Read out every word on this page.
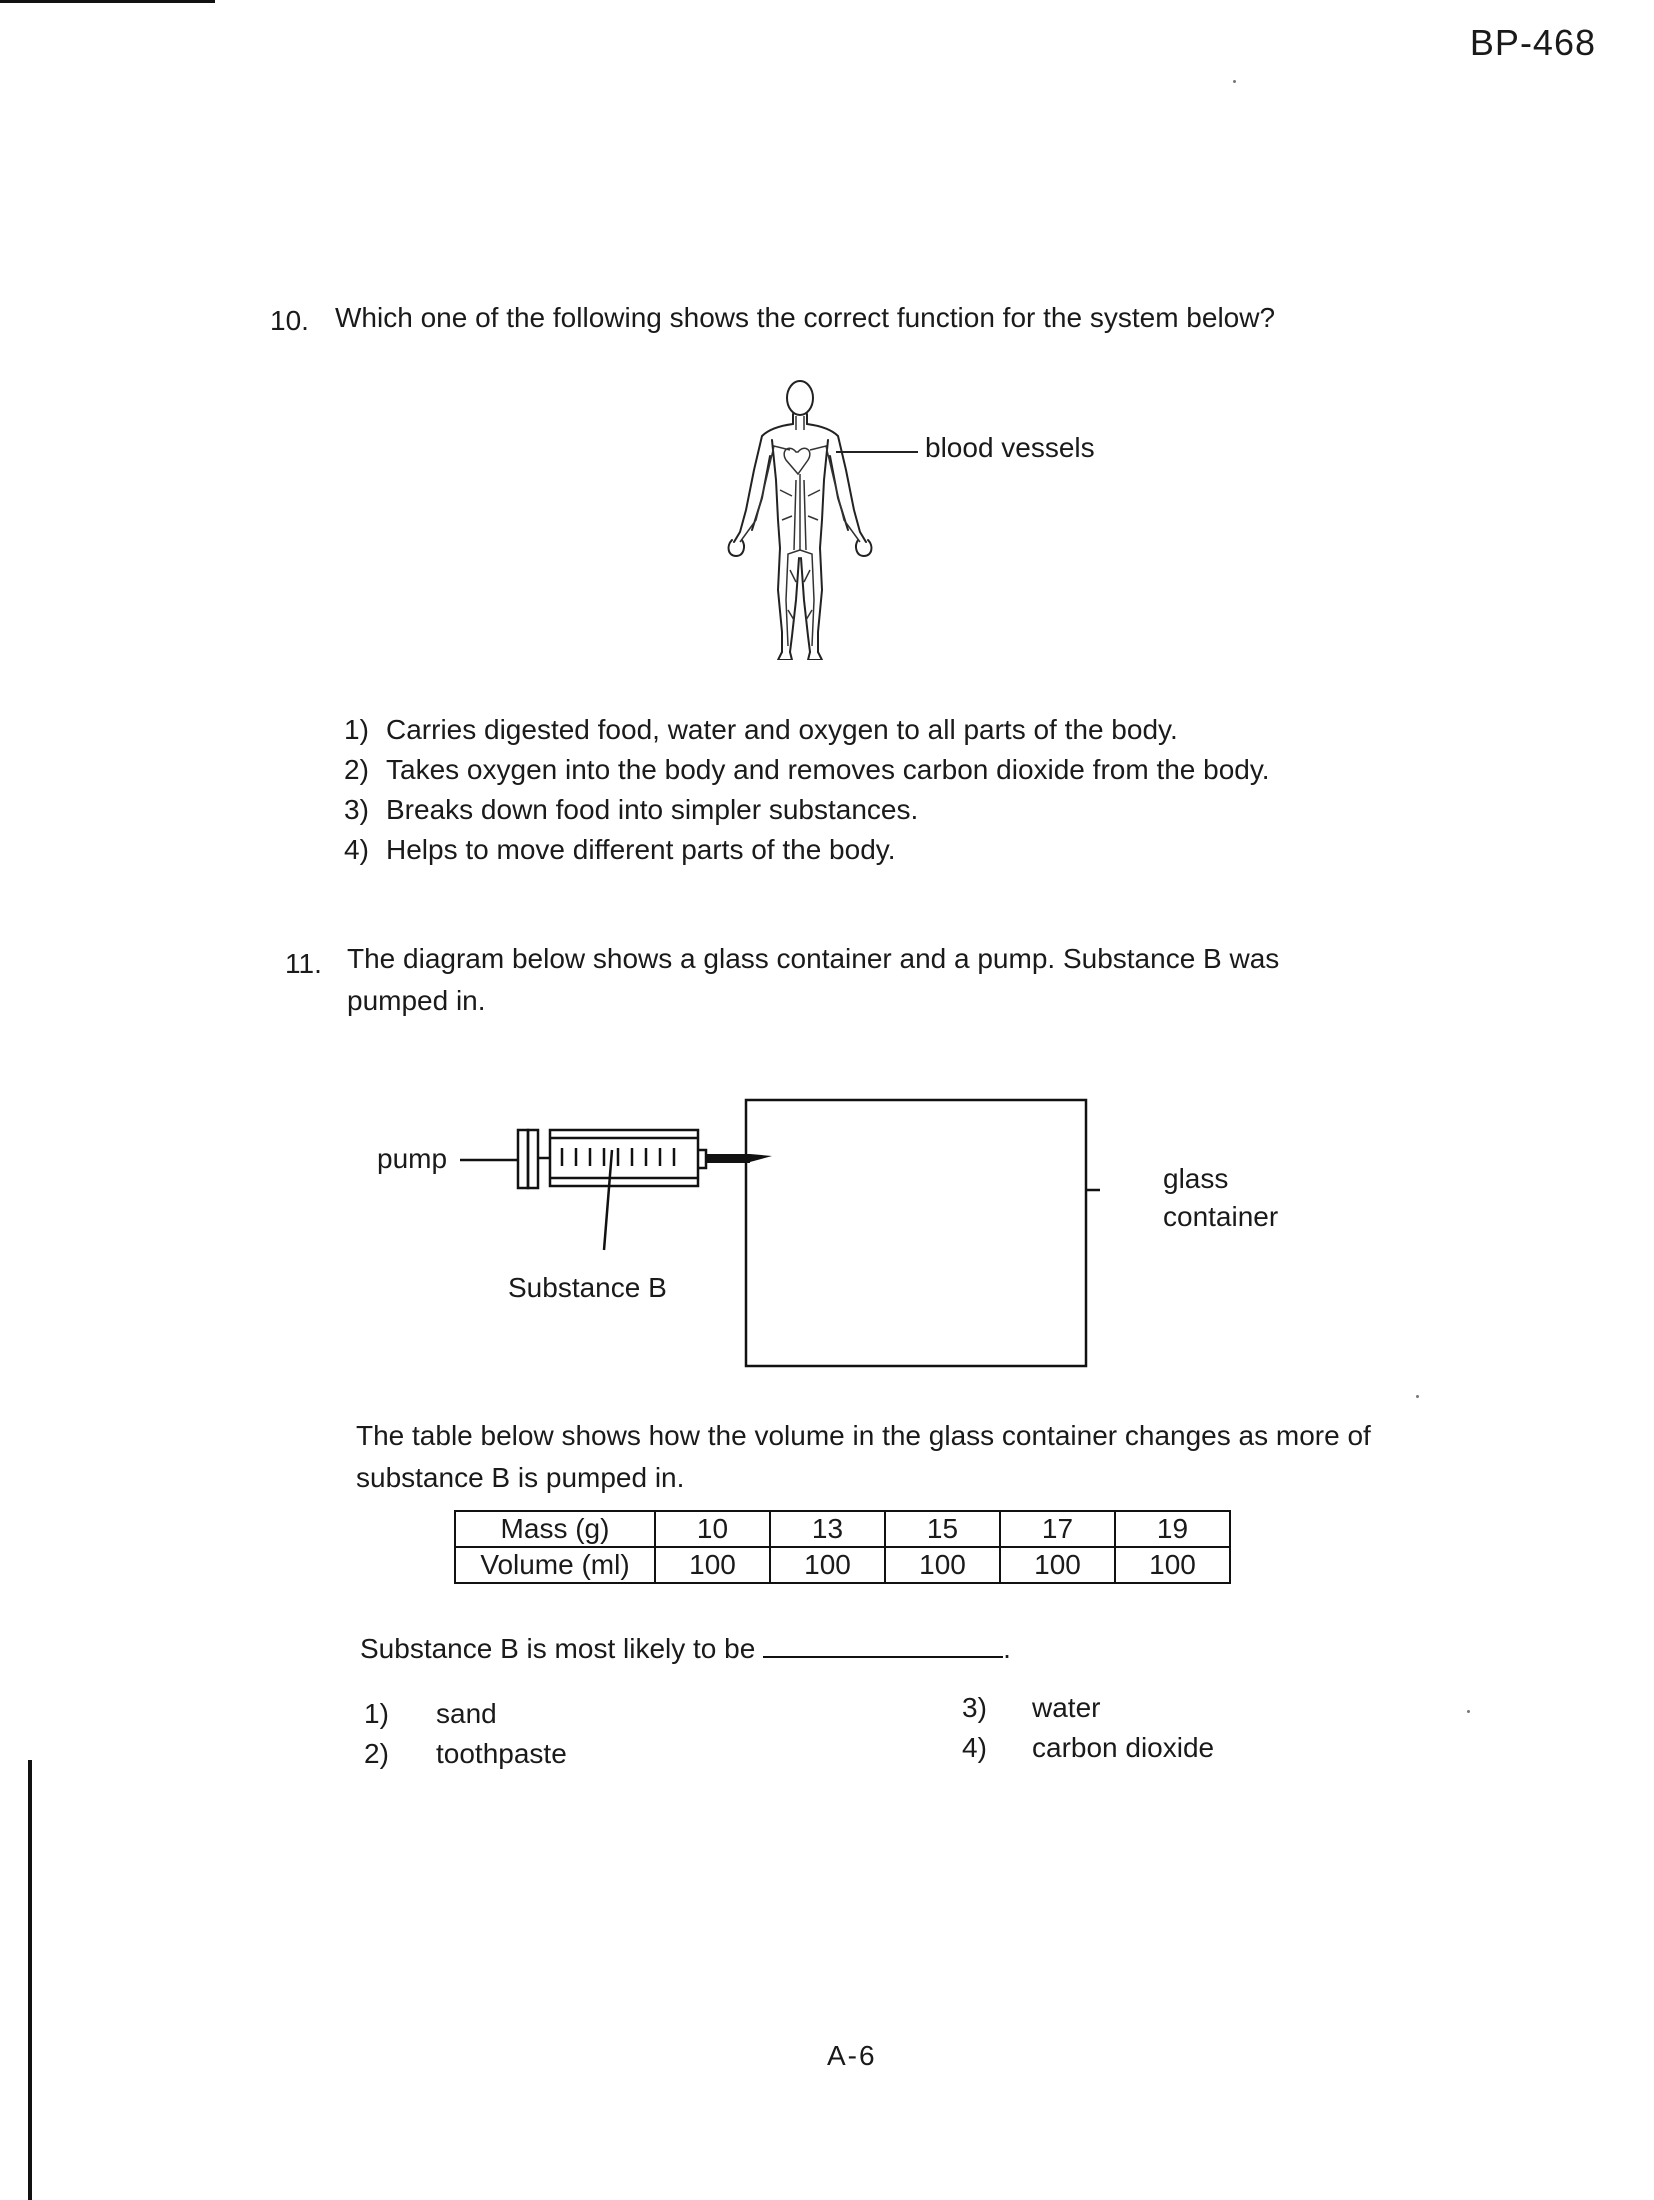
BP-468
10. Which one of the following shows the correct function for the system below?
blood vessels
1) Carries digested food, water and oxygen to all parts of the body.
2) Takes oxygen into the body and removes carbon dioxide from the body.
3) Breaks down food into simpler substances.
4) Helps to move different parts of the body.
11. The diagram below shows a glass container and a pump. Substance B was pumped in.
pump
Substance B
glass
container
The table below shows how the volume in the glass container changes as more of substance B is pumped in.
Mass (g)	10	13	15	17	19
Volume (ml)	100	100	100	100	100
Substance B is most likely to be	.
1) sand
2) toothpaste
3) water
4) carbon dioxide
A-6
